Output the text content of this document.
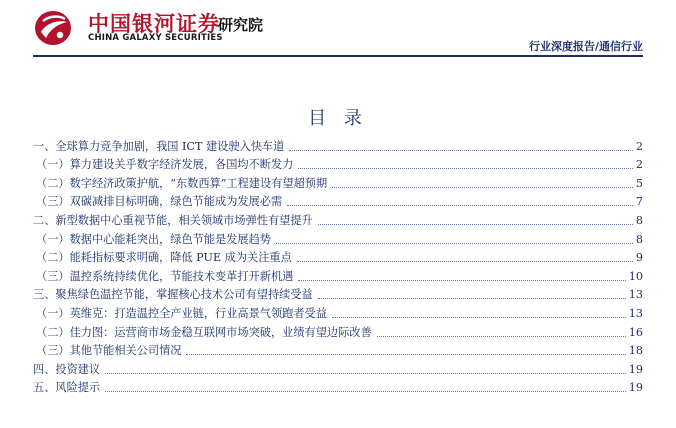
中国银河证券
CHINA GALAXY SECURITIES
研究院
行业深度报告/通信行业
目 录
一、全球算力竞争加剧，我国 ICT 建设驶入快车道	2
（一）算力建设关乎数字经济发展，各国均不断发力	2
（二）数字经济政策护航，“东数西算”工程建设有望超预期	5
（三）双碳减排目标明确，绿色节能成为发展必需	7
二、新型数据中心重视节能，相关领域市场弹性有望提升	8
（一）数据中心能耗突出，绿色节能是发展趋势	8
（二）能耗指标要求明确，降低 PUE 成为关注重点	9
（三）温控系统持续优化，节能技术变革打开新机遇	10
三、聚焦绿色温控节能，掌握核心技术公司有望持续受益	13
（一）英维克：打造温控全产业链，行业高景气领跑者受益	13
（二）佳力图：运营商市场金稳互联网市场突破，业绩有望边际改善	16
（三）其他节能相关公司情况	18
四、投资建议	19
五、风险提示	19
